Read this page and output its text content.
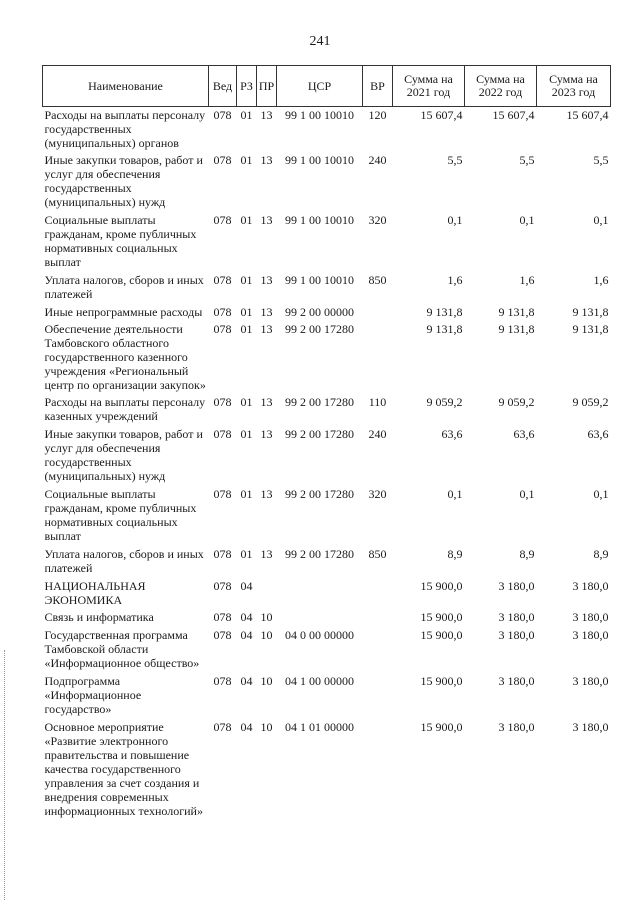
241
Наименование	Вед	РЗ	ПР	ЦСР	ВР	Сумма на 2021 год	Сумма на 2022 год	Сумма на 2023 год
Расходы на выплаты персоналу государственных (муниципальных) органов	078	01	13	99 1 00 10010	120	15 607,4	15 607,4	15 607,4
Иные закупки товаров, работ и услуг для обеспечения государственных (муниципальных) нужд	078	01	13	99 1 00 10010	240	5,5	5,5	5,5
Социальные выплаты гражданам, кроме публичных нормативных социальных выплат	078	01	13	99 1 00 10010	320	0,1	0,1	0,1
Уплата налогов, сборов и иных платежей	078	01	13	99 1 00 10010	850	1,6	1,6	1,6
Иные непрограммные расходы	078	01	13	99 2 00 00000		9 131,8	9 131,8	9 131,8
Обеспечение деятельности Тамбовского областного государственного казенного учреждения «Региональный центр по организации закупок»	078	01	13	99 2 00 17280		9 131,8	9 131,8	9 131,8
Расходы на выплаты персоналу казенных учреждений	078	01	13	99 2 00 17280	110	9 059,2	9 059,2	9 059,2
Иные закупки товаров, работ и услуг для обеспечения государственных (муниципальных) нужд	078	01	13	99 2 00 17280	240	63,6	63,6	63,6
Социальные выплаты гражданам, кроме публичных нормативных социальных выплат	078	01	13	99 2 00 17280	320	0,1	0,1	0,1
Уплата налогов, сборов и иных платежей	078	01	13	99 2 00 17280	850	8,9	8,9	8,9
НАЦИОНАЛЬНАЯ ЭКОНОМИКА	078	04				15 900,0	3 180,0	3 180,0
Связь и информатика	078	04	10			15 900,0	3 180,0	3 180,0
Государственная программа Тамбовской области «Информационное общество»	078	04	10	04 0 00 00000		15 900,0	3 180,0	3 180,0
Подпрограмма «Информационное государство»	078	04	10	04 1 00 00000		15 900,0	3 180,0	3 180,0
Основное мероприятие «Развитие электронного правительства и повышение качества государственного управления за счет создания и внедрения современных информационных технологий»	078	04	10	04 1 01 00000		15 900,0	3 180,0	3 180,0
